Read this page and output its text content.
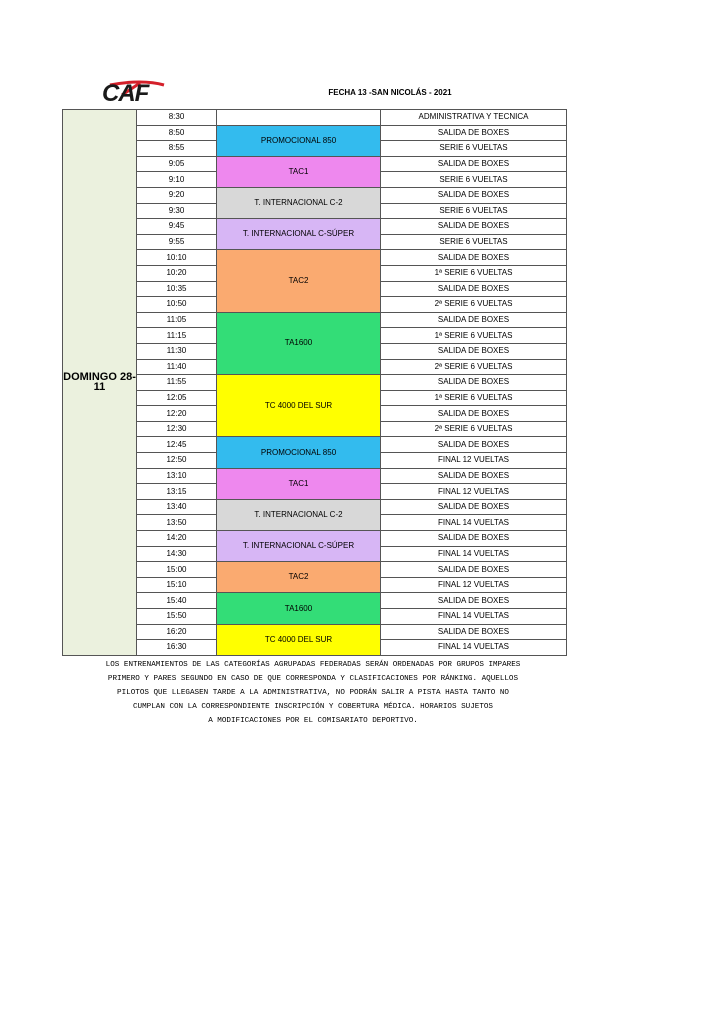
CAF	FECHA 13 -SAN NICOLÁS - 2021
DOMINGO 28-11	8:30		ADMINISTRATIVA Y TECNICA
	8:50	PROMOCIONAL 850	SALIDA DE BOXES
	8:55		SERIE 6 VUELTAS
	9:05	TAC1	SALIDA DE BOXES
	9:10		SERIE 6 VUELTAS
	9:20	T. INTERNACIONAL C-2	SALIDA DE BOXES
	9:30		SERIE 6 VUELTAS
	9:45	T. INTERNACIONAL C-SÚPER	SALIDA DE BOXES
	9:55		SERIE 6 VUELTAS
	10:10	TAC2	SALIDA DE BOXES
	10:20		1ª SERIE 6 VUELTAS
	10:35		SALIDA DE BOXES
	10:50		2ª SERIE 6 VUELTAS
	11:05	TA1600	SALIDA DE BOXES
	11:15		1ª SERIE 6 VUELTAS
	11:30		SALIDA DE BOXES
	11:40		2ª SERIE 6 VUELTAS
	11:55	TC 4000 DEL SUR	SALIDA DE BOXES
	12:05		1ª SERIE 6 VUELTAS
	12:20		SALIDA DE BOXES
	12:30		2ª SERIE 6 VUELTAS
	12:45	PROMOCIONAL 850	SALIDA DE BOXES
	12:50		FINAL 12 VUELTAS
	13:10	TAC1	SALIDA DE BOXES
	13:15		FINAL 12 VUELTAS
	13:40	T. INTERNACIONAL C-2	SALIDA DE BOXES
	13:50		FINAL 14 VUELTAS
	14:20	T. INTERNACIONAL C-SÚPER	SALIDA DE BOXES
	14:30		FINAL 14 VUELTAS
	15:00	TAC2	SALIDA DE BOXES
	15:10		FINAL 12 VUELTAS
	15:40	TA1600	SALIDA DE BOXES
	15:50		FINAL 14 VUELTAS
	16:20	TC 4000 DEL SUR	SALIDA DE BOXES
	16:30		FINAL 14 VUELTAS
LOS ENTRENAMIENTOS DE LAS CATEGORÍAS AGRUPADAS FEDERADAS SERÁN ORDENADAS POR GRUPOS IMPARES
PRIMERO Y PARES SEGUNDO EN CASO DE QUE CORRESPONDA Y CLASIFICACIONES POR RÁNKING. AQUELLOS
PILOTOS QUE LLEGASEN TARDE A LA ADMINISTRATIVA, NO PODRÁN SALIR A PISTA HASTA TANTO NO
CUMPLAN CON LA CORRESPONDIENTE INSCRIPCIÓN Y COBERTURA MÉDICA. HORARIOS SUJETOS
A MODIFICACIONES POR EL COMISARIATO DEPORTIVO.
